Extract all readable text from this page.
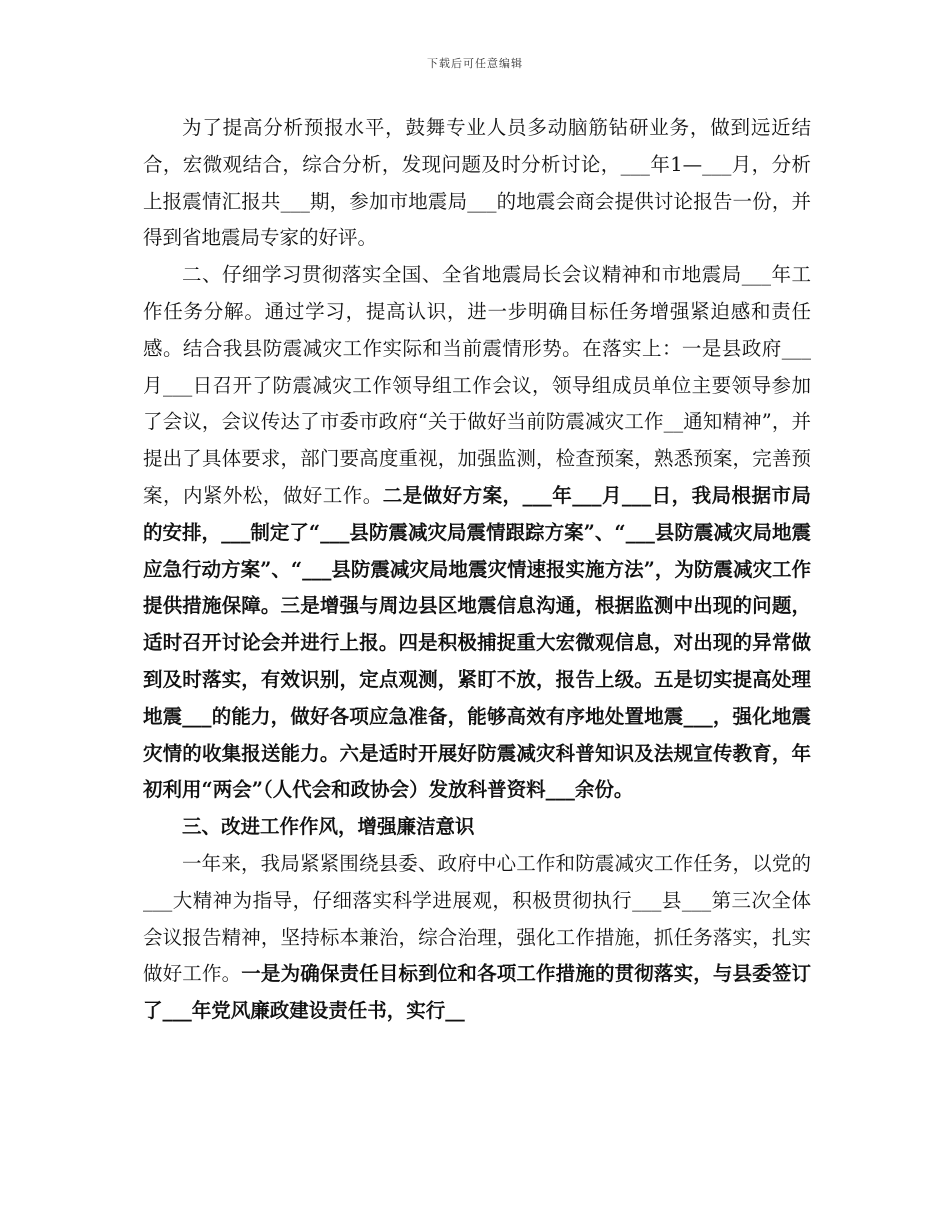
下载后可任意编辑

为了提高分析预报水平，鼓舞专业人员多动脑筋钻研业务，做到远近结合，宏微观结合，综合分析，发现问题及时分析讨论，___年1—___月，分析上报震情汇报共___期，参加市地震局___的地震会商会提供讨论报告一份，并得到省地震局专家的好评。

二、仔细学习贯彻落实全国、全省地震局长会议精神和市地震局___年工作任务分解。通过学习，提高认识，进一步明确目标任务增强紧迫感和责任感。结合我县防震减灾工作实际和当前震情形势。在落实上：一是县政府___月___日召开了防震减灾工作领导组工作会议，领导组成员单位主要领导参加了会议，会议传达了市委市政府“关于做好当前防震减灾工作__通知精神”，并提出了具体要求，部门要高度重视，加强监测，检查预案，熟悉预案，完善预案，内紧外松，做好工作。二是做好方案，___年___月___日，我局根据市局的安排，___制定了“___县防震减灾局震情跟踪方案”、“___县防震减灾局地震应急行动方案”、“___县防震减灾局地震灾情速报实施方法”，为防震减灾工作提供措施保障。三是增强与周边县区地震信息沟通，根据监测中出现的问题，适时召开讨论会并进行上报。四是积极捕捉重大宏微观信息，对出现的异常做到及时落实，有效识别，定点观测，紧盯不放，报告上级。五是切实提高处理地震___的能力，做好各项应急准备，能够高效有序地处置地震___，强化地震灾情的收集报送能力。六是适时开展好防震减灾科普知识及法规宣传教育，年初利用“两会”（人代会和政协会）发放科普资料___余份。

三、改进工作作风，增强廉洁意识

一年来，我局紧紧围绕县委、政府中心工作和防震减灾工作任务，以党的___大精神为指导，仔细落实科学进展观，积极贯彻执行___县___第三次全体会议报告精神，坚持标本兼治，综合治理，强化工作措施，抓任务落实，扎实做好工作。一是为确保责任目标到位和各项工作措施的贯彻落实，与县委签订了___年党风廉政建设责任书，实行__
